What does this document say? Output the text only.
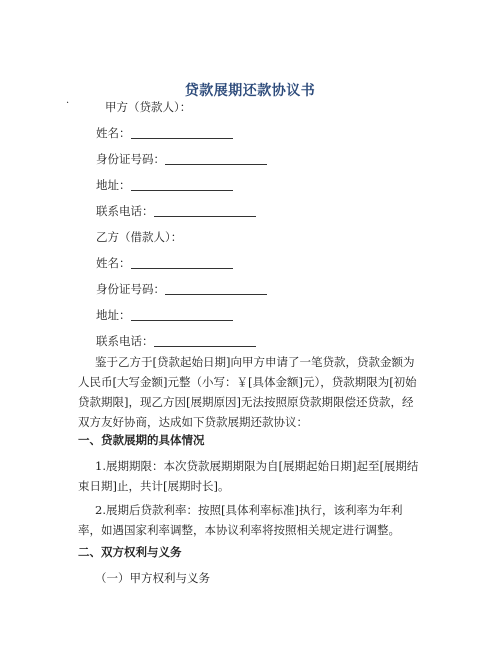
贷款展期还款协议书
·	甲方（贷款人）：
姓名：
身份证号码：
地址：
联系电话：
乙方（借款人）：
姓名：
身份证号码：
地址：
联系电话：
鉴于乙方于[贷款起始日期]向甲方申请了一笔贷款，贷款金额为人民币[大写金额]元整（小写：￥[具体金额]元），贷款期限为[初始贷款期限]，现乙方因[展期原因]无法按照原贷款期限偿还贷款，经双方友好协商，达成如下贷款展期还款协议：
一、贷款展期的具体情况
1.展期期限：本次贷款展期期限为自[展期起始日期]起至[展期结束日期]止，共计[展期时长]。
2.展期后贷款利率：按照[具体利率标准]执行，该利率为年利率，如遇国家利率调整，本协议利率将按照相关规定进行调整。
二、双方权利与义务
（一）甲方权利与义务
